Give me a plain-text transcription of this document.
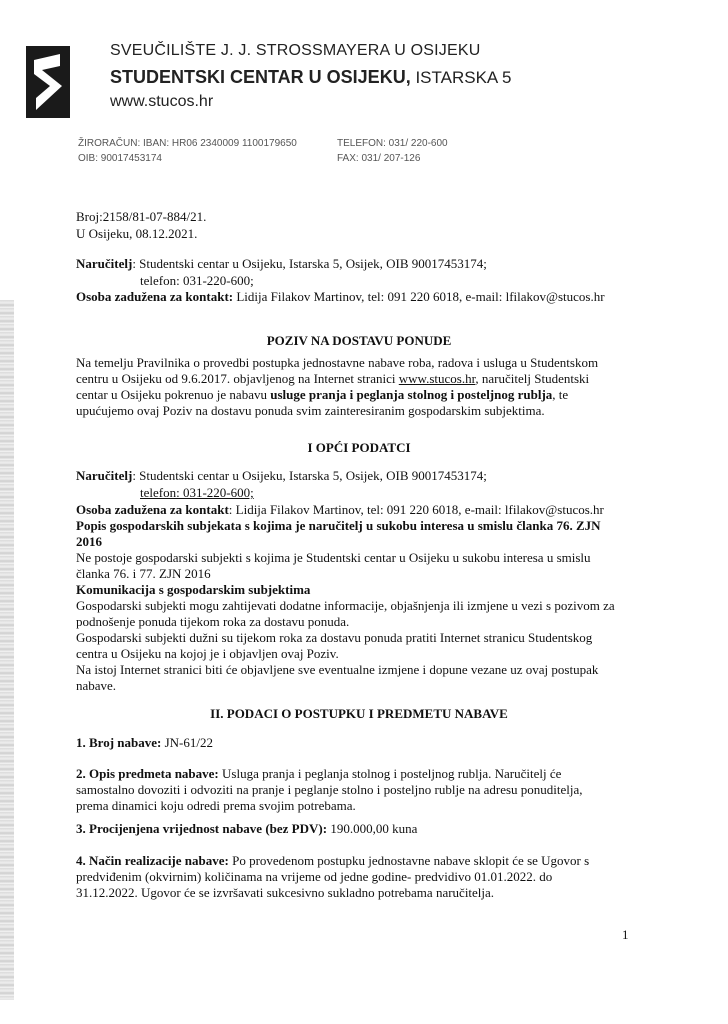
SVEUČILIŠTE J. J. STROSSMAYERA U OSIJEKU
STUDENTSKI CENTAR U OSIJEKU, ISTARSKA 5
www.stucos.hr
ŽIRORAČUN: IBAN: HR06 2340009 1100179650
OIB: 90017453174
TELEFON: 031/ 220-600
FAX: 031/ 207-126
Broj:2158/81-07-884/21.
U Osijeku, 08.12.2021.
Naručitelj: Studentski centar u Osijeku, Istarska 5, Osijek, OIB 90017453174;
telefon: 031-220-600;
Osoba zadužena za kontakt: Lidija Filakov Martinov, tel: 091 220 6018, e-mail: lfilakov@stucos.hr
POZIV NA DOSTAVU PONUDE
Na temelju Pravilnika o provedbi postupka jednostavne nabave roba, radova i usluga u Studentskom
centru u Osijeku od 9.6.2017. objavljenog na Internet stranici www.stucos.hr, naručitelj Studentski
centar u Osijeku pokrenuo je nabavu usluge pranja i peglanja stolnog i posteljnog rublja, te
upućujemo ovaj Poziv na dostavu ponuda svim zainteresiranim gospodarskim subjektima.
I OPĆI PODATCI
Naručitelj: Studentski centar u Osijeku, Istarska 5, Osijek, OIB 90017453174;
telefon: 031-220-600;
Osoba zadužena za kontakt: Lidija Filakov Martinov, tel: 091 220 6018, e-mail: lfilakov@stucos.hr
Popis gospodarskih subjekata s kojima je naručitelj u sukobu interesa u smislu članka 76. ZJN
2016
Ne postoje gospodarski subjekti s kojima je Studentski centar u Osijeku u sukobu interesa u smislu
članka 76. i 77. ZJN 2016
Komunikacija s gospodarskim subjektima
Gospodarski subjekti mogu zahtijevati dodatne informacije, objašnjenja ili izmjene u vezi s pozivom za
podnošenje ponuda tijekom roka za dostavu ponuda.
Gospodarski subjekti dužni su tijekom roka za dostavu ponuda pratiti Internet stranicu Studentskog
centra u Osijeku na kojoj je i objavljen ovaj Poziv.
Na istoj Internet stranici biti će objavljene sve eventualne izmjene i dopune vezane uz ovaj postupak
nabave.
II. PODACI O POSTUPKU I PREDMETU NABAVE
1. Broj nabave: JN-61/22
2. Opis predmeta nabave: Usluga pranja i peglanja stolnog i posteljnog rublja. Naručitelj će
samostalno dovoziti i odvoziti na pranje i peglanje stolno i posteljno rublje na adresu ponuditelja,
prema dinamici koju odredi prema svojim potrebama.
3. Procijenjena vrijednost nabave (bez PDV): 190.000,00 kuna
4. Način realizacije nabave: Po provedenom postupku jednostavne nabave sklopit će se Ugovor s
predviđenim (okvirnim) količinama na vrijeme od jedne godine- predvidivo 01.01.2022. do
31.12.2022. Ugovor će se izvršavati sukcesivno sukladno potrebama naručitelja.
1
